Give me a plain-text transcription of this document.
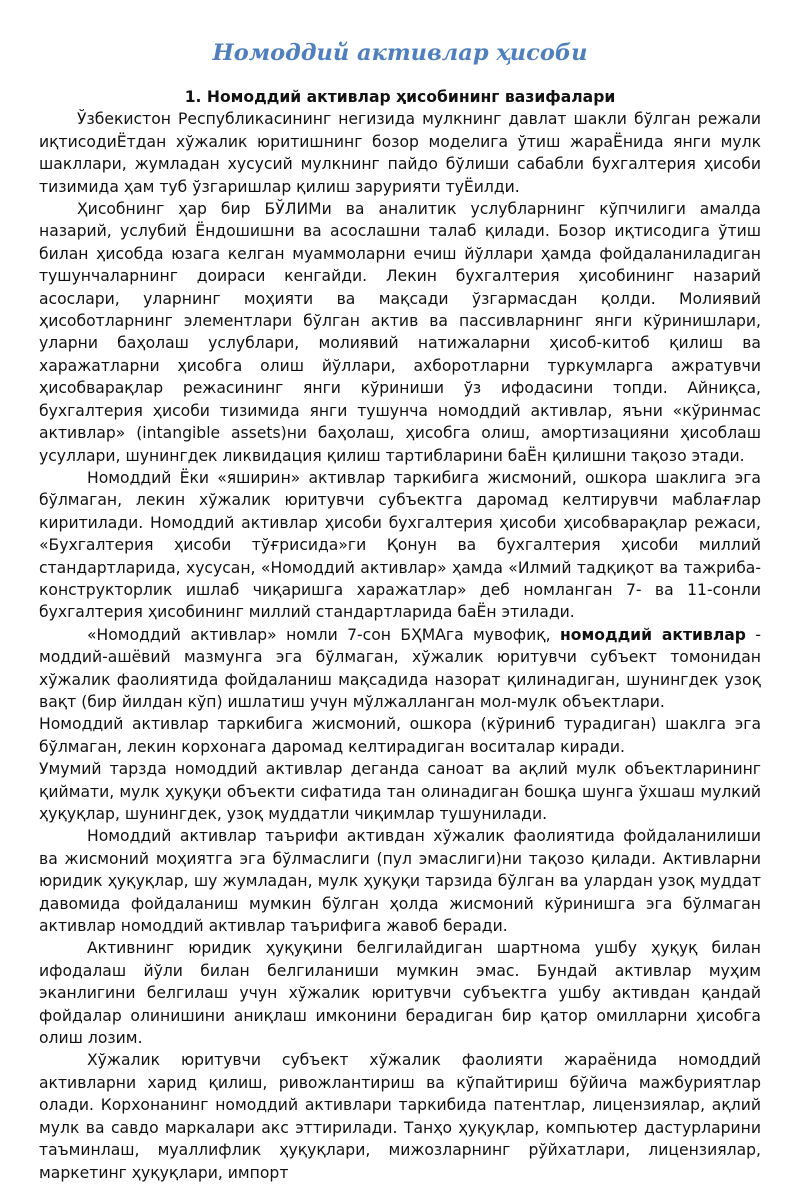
Номоддий активлар ҳисоби
1. Номоддий активлар ҳисобининг вазифалари

Ўзбекистон Республикасининг негизида мулкнинг давлат шакли бўлган режали иқтисодиЁтдан хўжалик юритишнинг бозор моделига ўтиш жараЁнида янги мулк шакллари, жумладан хусусий мулкнинг пайдо бўлиши сабабли бухгалтерия ҳисоби тизимида ҳам туб ўзгаришлар қилиш зарурияти туЁилди.

Ҳисобнинг ҳар бир БЎЛИМи ва аналитик услубларнинг кўпчилиги амалда назарий, услубий Ёндошишни ва асослашни талаб қилади. Бозор иқтисодига ўтиш билан ҳисобда юзага келган муаммоларни ечиш йўллари ҳамда фойдаланиладиган тушунчаларнинг доираси кенгайди. Лекин бухгалтерия ҳисобининг назарий асослари, уларнинг моҳияти ва мақсади ўзгармасдан қолди. Молиявий ҳисоботларнинг элементлари бўлган актив ва пассивларнинг янги кўринишлари, уларни баҳолаш услублари, молиявий натижаларни ҳисоб-китоб қилиш ва харажатларни ҳисобга олиш йўллари, ахборотларни туркумларга ажратувчи ҳисобварақлар режасининг янги кўриниши ўз ифодасини топди. Айниқса, бухгалтерия ҳисоби тизимида янги тушунча номоддий активлар, яъни «кўринмас активлар» (intangible assets)ни баҳолаш, ҳисобга олиш, амортизацияни ҳисоблаш усуллари, шунингдек ликвидация қилиш тартибларини баЁн қилишни тақозо этади.

Номоддий Ёки «яширин» активлар таркибига жисмоний, ошкора шаклига эга бўлмаган, лекин хўжалик юритувчи субъектга даромад келтирувчи маблағлар киритилади. Номоддий активлар ҳисоби бухгалтерия ҳисоби ҳисобварақлар режаси, «Бухгалтерия ҳисоби тўғрисида»ги Қонун ва бухгалтерия ҳисоби миллий стандартларида, хусусан, «Номоддий активлар» ҳамда «Илмий тадқиқот ва тажриба-конструкторлик ишлаб чиқаришга харажатлар» деб номланган 7- ва 11-сонли бухгалтерия ҳисобининг миллий стандартларида баЁн этилади.

«Номоддий активлар» номли 7-сон БҲМАга мувофиқ, номоддий активлар - моддий-ашёвий мазмунга эга бўлмаган, хўжалик юритувчи субъект томонидан хўжалик фаолиятида фойдаланиш мақсадида назорат қилинадиган, шунингдек узоқ вақт (бир йилдан кўп) ишлатиш учун мўлжалланган мол-мулк объектлари.

Номоддий активлар таркибига жисмоний, ошкора (кўриниб турадиган) шаклга эга бўлмаган, лекин корхонага даромад келтирадиган воситалар киради.

Умумий тарзда номоддий активлар деганда саноат ва ақлий мулк объектларининг қиймати, мулк ҳуқуқи объекти сифатида тан олинадиган бошқа шунга ўхшаш мулкий ҳуқуқлар, шунингдек, узоқ муддатли чиқимлар тушунилади.

Номоддий активлар таърифи активдан хўжалик фаолиятида фойдаланилиши ва жисмоний моҳиятга эга бўлмаслиги (пул эмаслиги)ни тақозо қилади. Активларни юридик ҳуқуқлар, шу жумладан, мулк ҳуқуқи тарзида бўлган ва улардан узоқ муддат давомида фойдаланиш мумкин бўлган ҳолда жисмоний кўринишга эга бўлмаган активлар номоддий активлар таърифига жавоб беради.

Активнинг юридик ҳуқуқини белгилайдиган шартнома ушбу ҳуқуқ билан ифодалаш йўли билан белгиланиши мумкин эмас. Бундай активлар муҳим эканлигини белгилаш учун хўжалик юритувчи субъектга ушбу активдан қандай фойдалар олинишини аниқлаш имконини берадиган бир қатор омилларни ҳисобга олиш лозим.

Хўжалик юритувчи субъект хўжалик фаолияти жараёнида номоддий активларни харид қилиш, ривожлантириш ва кўпайтириш бўйича мажбуриятлар олади. Корхонанинг номоддий активлари таркибида патентлар, лицензиялар, ақлий мулк ва савдо маркалари акс эттирилади. Танҳо ҳуқуқлар, компьютер дастурларини таъминлаш, муаллифлик ҳуқуқлари, мижозларнинг рўйхатлари, лицензиялар, маркетинг ҳуқуқлари, импорт
